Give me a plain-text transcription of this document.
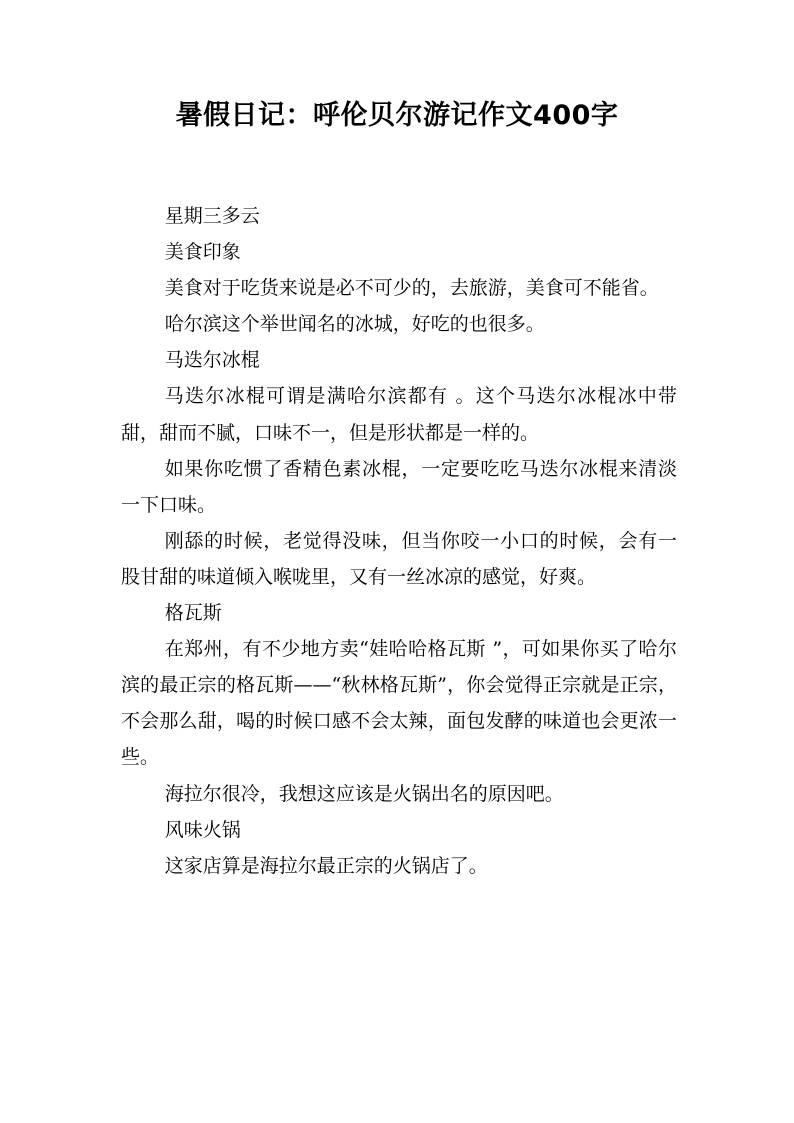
暑假日记：呼伦贝尔游记作文400字

星期三多云

美食印象

美食对于吃货来说是必不可少的，去旅游，美食可不能省。

哈尔滨这个举世闻名的冰城，好吃的也很多。

马迭尔冰棍

马迭尔冰棍可谓是满哈尔滨都有 。这个马迭尔冰棍冰中带甜，甜而不腻，口味不一，但是形状都是一样的。

如果你吃惯了香精色素冰棍，一定要吃吃马迭尔冰棍来清淡一下口味。

刚舔的时候，老觉得没味，但当你咬一小口的时候，会有一股甘甜的味道倾入喉咙里，又有一丝冰凉的感觉，好爽。

格瓦斯

在郑州，有不少地方卖“娃哈哈格瓦斯 ”，可如果你买了哈尔滨的最正宗的格瓦斯——“秋林格瓦斯”，你会觉得正宗就是正宗，不会那么甜，喝的时候口感不会太辣，面包发酵的味道也会更浓一些。

海拉尔很冷，我想这应该是火锅出名的原因吧。

风味火锅

这家店算是海拉尔最正宗的火锅店了。
